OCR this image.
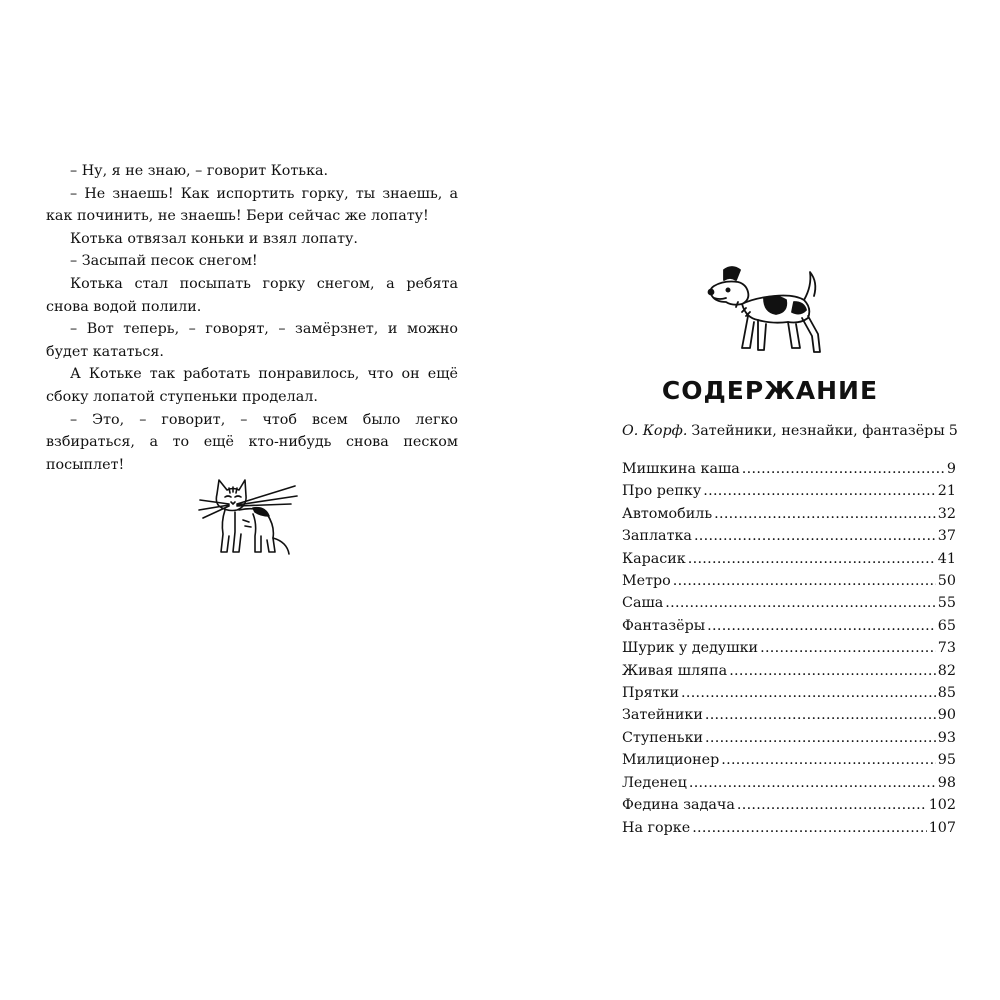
– Ну, я не знаю, – говорит Котька.

– Не знаешь! Как испортить горку, ты знаешь, а как починить, не знаешь! Бери сейчас же лопату!

Котька отвязал коньки и взял лопату.

– Засыпай песок снегом!

Котька стал посыпать горку снегом, а ребята снова водой полили.

– Вот теперь, – говорят, – замёрзнет, и можно будет кататься.

А Котьке так работать понравилось, что он ещё сбоку лопатой ступеньки проделал.

– Это, – говорит, – чтоб всем было легко взбираться, а то ещё кто-нибудь снова песком посыплет!

СОДЕРЖАНИЕ
О. Корф. Затейники, незнайки, фантазёры 5
Мишкина каша .....	9
Про репку .....	21
Автомобиль .....	32
Заплатка .....	37
Карасик .....	41
Метро .....	50
Саша .....	55
Фантазёры .....	65
Шурик у дедушки .....	73
Живая шляпа .....	82
Прятки .....	85
Затейники .....	90
Ступеньки .....	93
Милиционер .....	95
Леденец .....	98
Федина задача .....	102
На горке .....	107
